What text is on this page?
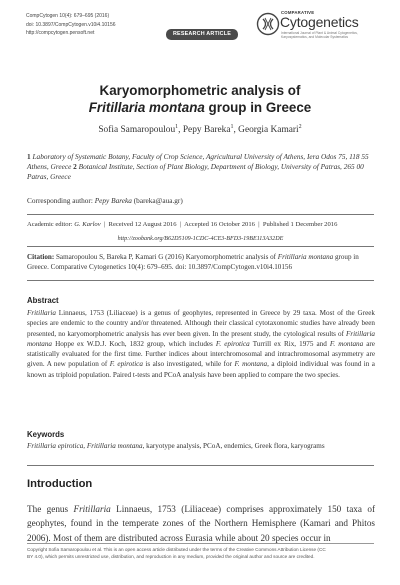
CompCytogen 10(4): 679–695 (2016)
doi: 10.3897/CompCytogen.v10i4.10156
http://compcytogen.pensoft.net	RESEARCH ARTICLE
COMPARATIVE
Cytogenetics
International Journal of Plant & Animal Cytogenetics, Karyosystematics, and Molecular Systematics
Karyomorphometric analysis of
Fritillaria montana group in Greece
Sofia Samaropoulou$^1$, Pepy Bareka$^1$, Georgia Kamari$^2$
1 Laboratory of Systematic Botany, Faculty of Crop Science, Agricultural University of Athens, Iera Odos 75, 118 55 Athens, Greece 2 Botanical Institute, Section of Plant Biology, Department of Biology, University of Patras, 265 00 Patras, Greece
Corresponding author: Pepy Bareka (bareka@aua.gr)
Academic editor: G. Karlov  |  Received 12 August 2016  |  Accepted 16 October 2016  |  Published 1 December 2016
http://zoobank.org/B62D5109-1CDC-4CE3-BFD3-19BE113A32DE
Citation: Samaropoulou S, Bareka P, Kamari G (2016) Karyomorphometric analysis of Fritillaria montana group in Greece. Comparative Cytogenetics 10(4): 679–695. doi: 10.3897/CompCytogen.v10i4.10156
Abstract
Fritillaria Linnaeus, 1753 (Liliaceae) is a genus of geophytes, represented in Greece by 29 taxa. Most of the Greek species are endemic to the country and/or threatened. Although their classical cytotaxonomic studies have already been presented, no karyomorphometric analysis has ever been given. In the present study, the cytological results of Fritillaria montana Hoppe ex W.D.J. Koch, 1832 group, which includes F. epirotica Turrill ex Rix, 1975 and F. montana are statistically evaluated for the first time. Further indices about interchromosomal and intrachromosomal asymmetry are given. A new population of F. epirotica is also investigated, while for F. montana, a diploid individual was found in a known as triploid population. Paired t-tests and PCoA analysis have been applied to compare the two species.
Keywords
Fritillaria epirotica, Fritillaria montana, karyotype analysis, PCoA, endemics, Greek flora, karyograms
Introduction
The genus Fritillaria Linnaeus, 1753 (Liliaceae) comprises approximately 150 taxa of geophytes, found in the temperate zones of the Northern Hemisphere (Kamari and Phitos 2006). Most of them are distributed across Eurasia while about 20 species occur in
Copyright Sofia Samaropoulou et al. This is an open access article distributed under the terms of the Creative Commons Attribution License (CC
BY 4.0), which permits unrestricted use, distribution, and reproduction in any medium, provided the original author and source are credited.
